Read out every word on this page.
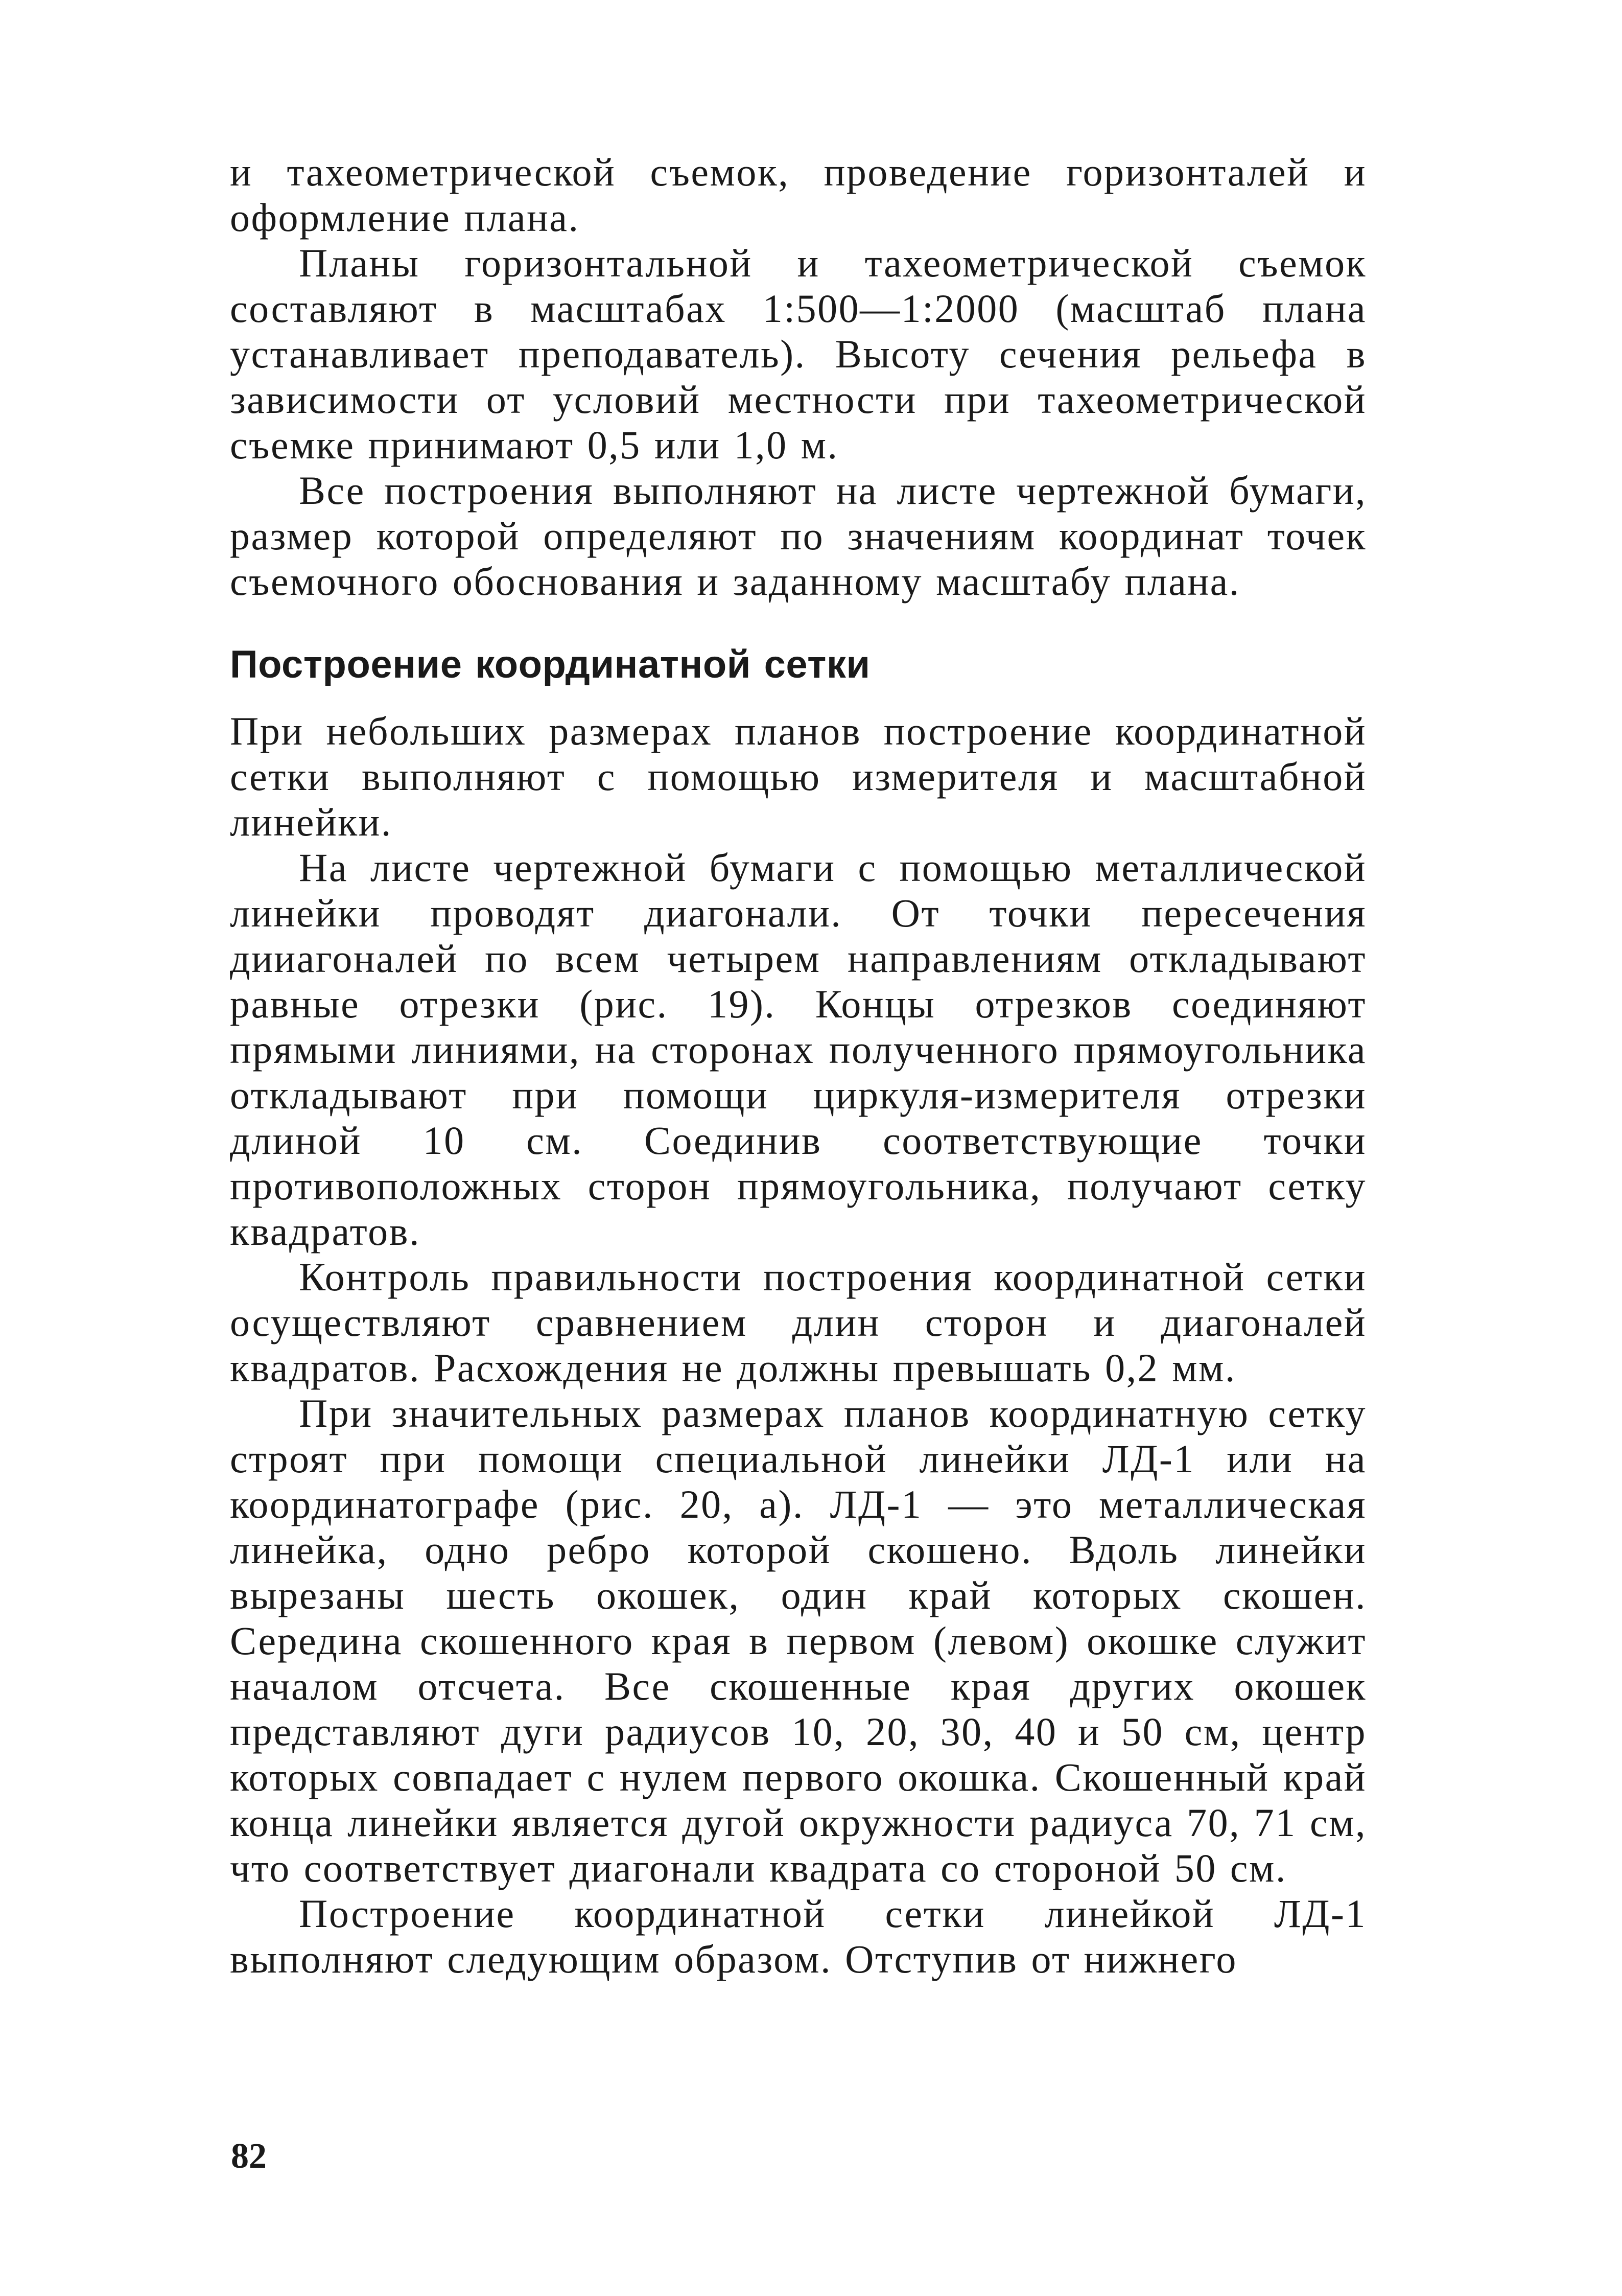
и тахеометрической съемок, проведение горизонталей и оформление плана.

Планы горизонтальной и тахеометрической съемок составляют в масштабах 1:500—1:2000 (масштаб плана устанавливает преподаватель). Высоту сечения рельефа в зависимости от условий местности при тахеометрической съемке принимают 0,5 или 1,0 м.

Все построения выполняют на листе чертежной бумаги, размер которой определяют по значениям координат точек съемочного обоснования и заданному масштабу плана.

Построение координатной сетки

При небольших размерах планов построение координатной сетки выполняют с помощью измерителя и масштабной линейки.

На листе чертежной бумаги с помощью металлической линейки проводят диагонали. От точки пересечения дииагоналей по всем четырем направлениям откладывают равные отрезки (рис. 19). Концы отрезков соединяют прямыми линиями, на сторонах полученного прямоугольника откладывают при помощи циркуля-измерителя отрезки длиной 10 см. Соединив соответствующие точки противоположных сторон прямоугольника, получают сетку квадратов.

Контроль правильности построения координатной сетки осуществляют сравнением длин сторон и диагоналей квадратов. Расхождения не должны превышать 0,2 мм.

При значительных размерах планов координатную сетку строят при помощи специальной линейки ЛД-1 или на координатографе (рис. 20, а). ЛД-1 — это металлическая линейка, одно ребро которой скошено. Вдоль линейки вырезаны шесть окошек, один край которых скошен. Середина скошенного края в первом (левом) окошке служит началом отсчета. Все скошенные края других окошек представляют дуги радиусов 10, 20, 30, 40 и 50 см, центр которых совпадает с нулем первого окошка. Скошенный край конца линейки является дугой окружности радиуса 70, 71 см, что соответствует диагонали квадрата со стороной 50 см.

Построение координатной сетки линейкой ЛД-1 выполняют следующим образом. Отступив от нижнего

82
